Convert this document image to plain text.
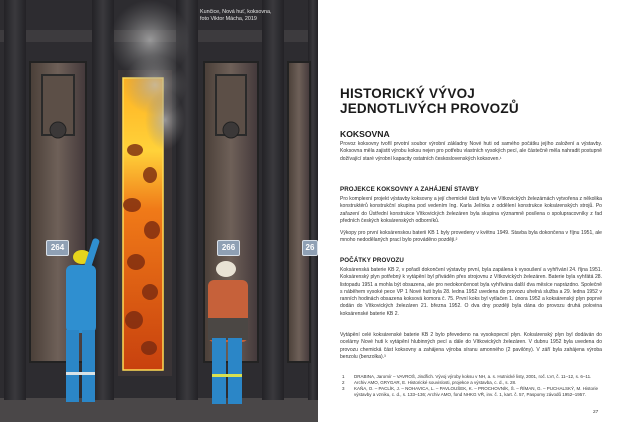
Kunčice, Nová huť, koksovna,
foto Viktor Mácha, 2019
264	266	26
HISTORICKÝ VÝVOJ
JEDNOTLIVÝCH PROVOZŮ
KOKSOVNA

Provoz koksovny tvořil prvotní soubor výrobní základny Nové huti od samého počátku jejího založení a výstavby. Koksovna měla zajistit výrobu koksu nejen pro potřebu vlastních vysokých pecí, ale částečně měla nahradit postupně dožívající staré výrobní kapacity ostatních československých koksoven.¹

PROJEKCE KOKSOVNY A ZAHÁJENÍ STAVBY

Pro komplexní projekt výstavby koksovny a její chemické části byla ve Vítkovických železárnách vytvořena z několika konstruktérů konstrukční skupina pod vedením Ing. Karla Jelínka z oddělení konstrukce koksárenských strojů. Po zařazení do Ústřední konstrukce Vítkovických železáren byla skupina významně posílena o spolupracovníky z řad předních českých koksárenských odborníků.

Výkopy pro první koksárenskou baterii KB 1 byly provedeny v květnu 1949. Stavba byla dokončena v říjnu 1951, ale mnoho nedodělaných prací bylo prováděno později.²

POČÁTKY PROVOZU

Koksárenská baterie KB 2, v pořadí dokončení výstavby první, byla zapálena k vysoušení a vyhřívání 24. října 1951. Koksárenský plyn potřebný k vytápění byl přiváděn přes strojovnu z Vítkovických železáren. Baterie byla vyhřátá 28. listopadu 1951 a mohla být obsazena, ale pro nedokončenost byla vyhřívána další dva měsíce naprázdno. Společně s náběhem vysoké pece VP 1 Nové huti byla 28. ledna 1952 uvedena do provozu uhelná služba a 29. ledna 1952 v ranních hodinách obsazena koksová komora č. 75. První koks byl vytlačen 1. února 1952 a koksárenský plyn poprvé dodán do Vítkovických železáren 21. března 1952. O dva dny později byla dána do provozu druhá polovina koksárenské baterie KB 2.

Vytápění celé koksárenské baterie KB 2 bylo převedeno na vysokopecní plyn. Koksárenský plyn byl dodáván do ocelárny Nové huti k vytápění hlubinných pecí a dále do Vítkovických železáren. V dubnu 1952 byla uvedena do provozu chemická část koksovny a zahájena výroba síranu amonného (2 pavilóny). V září byla zahájena výroba benzolu (benzolka).³

1 DRABINA, Jaromír – VAVROŠ, Jindřich. Vývoj výroby koksu v NH, a. s. Hutnické listy, 2001, roč. LVI, č. 11–12, s. 6–11.
2 Archiv AMO, GRYGAR, E. Historické souvislosti, projekce a výstavba, c. d., s. 28.
3 KAŇA, O. – PACLÍK, J. – NOHAVICA, L. – PAVLOUŠEK, K. – PROCHOVNÍK, Š. – ŘÍMAN, G. – PUCHALSKÝ, M. Historie výstavby a vzniku, c. d., s. 133–136; Archiv AMO, fond NHKG VŘ, inv. č. 1, kart. č. 57, Paspomy závodů 1952–1957.
27
